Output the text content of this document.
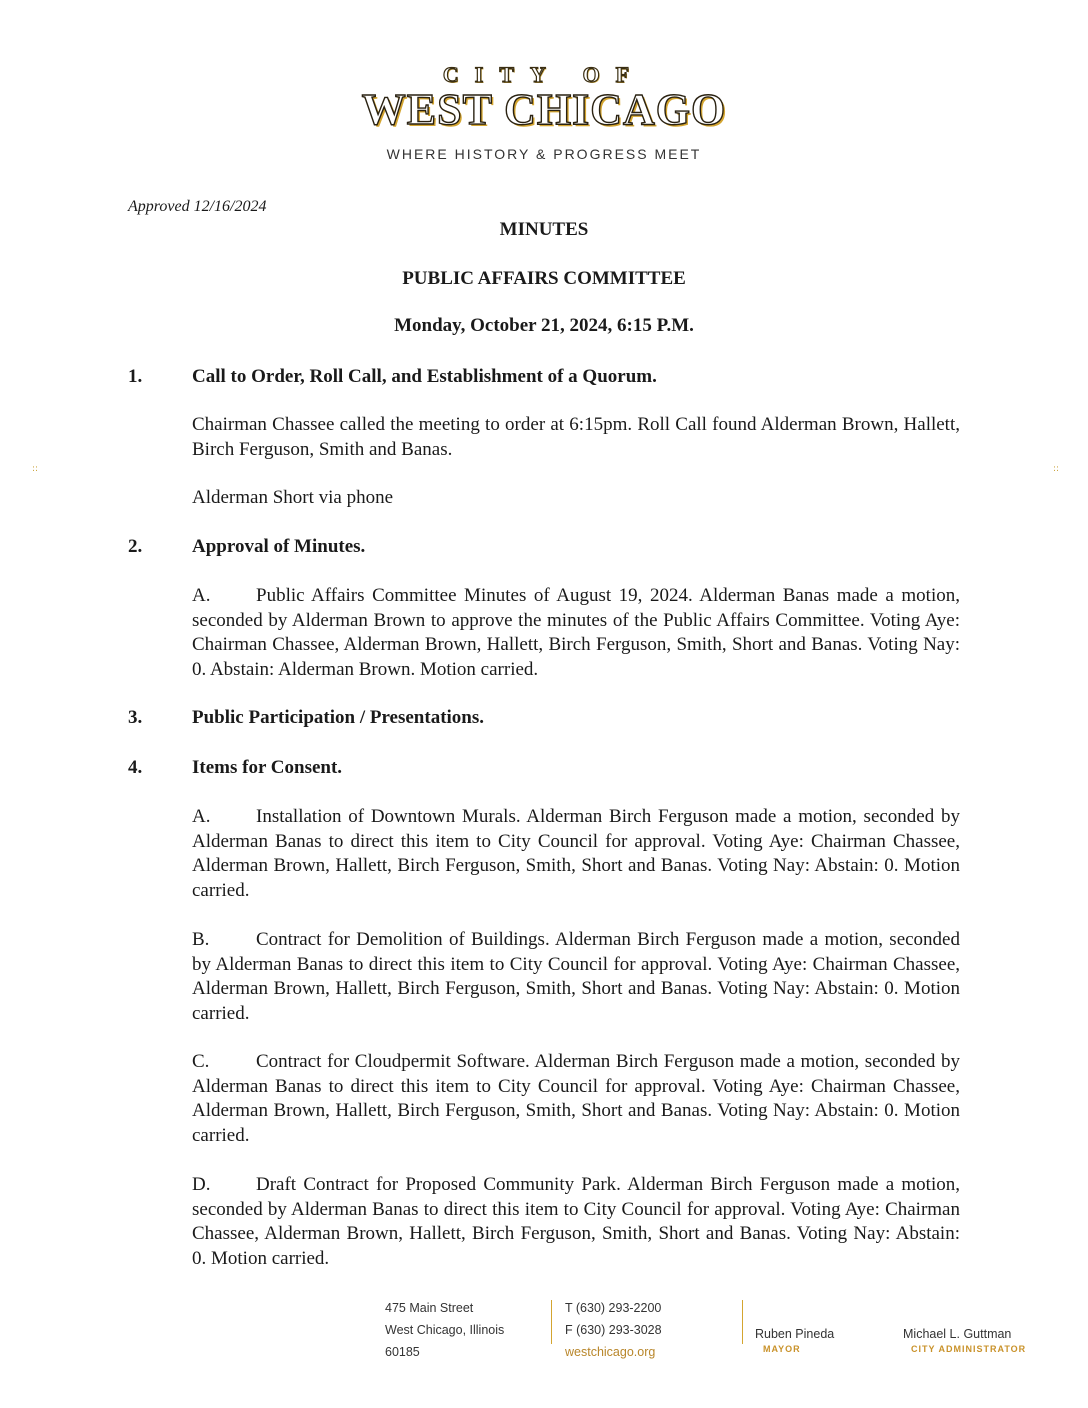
CITY OF
WEST CHICAGO
WHERE HISTORY & PROGRESS MEET
Approved 12/16/2024
MINUTES
PUBLIC AFFAIRS COMMITTEE
Monday, October 21, 2024, 6:15 P.M.
::	::
1.	Call to Order, Roll Call, and Establishment of a Quorum.
Chairman Chassee called the meeting to order at 6:15pm. Roll Call found Alderman Brown, Hallett, Birch Ferguson, Smith and Banas.
Alderman Short via phone
2.	Approval of Minutes.
A. Public Affairs Committee Minutes of August 19, 2024. Alderman Banas made a motion, seconded by Alderman Brown to approve the minutes of the Public Affairs Committee. Voting Aye: Chairman Chassee, Alderman Brown, Hallett, Birch Ferguson, Smith, Short and Banas. Voting Nay: 0. Abstain: Alderman Brown. Motion carried.
3.	Public Participation / Presentations.
4.	Items for Consent.
A. Installation of Downtown Murals. Alderman Birch Ferguson made a motion, seconded by Alderman Banas to direct this item to City Council for approval. Voting Aye: Chairman Chassee, Alderman Brown, Hallett, Birch Ferguson, Smith, Short and Banas. Voting Nay: Abstain: 0. Motion carried.
B. Contract for Demolition of Buildings. Alderman Birch Ferguson made a motion, seconded by Alderman Banas to direct this item to City Council for approval. Voting Aye: Chairman Chassee, Alderman Brown, Hallett, Birch Ferguson, Smith, Short and Banas. Voting Nay: Abstain: 0. Motion carried.
C. Contract for Cloudpermit Software. Alderman Birch Ferguson made a motion, seconded by Alderman Banas to direct this item to City Council for approval. Voting Aye: Chairman Chassee, Alderman Brown, Hallett, Birch Ferguson, Smith, Short and Banas. Voting Nay: Abstain: 0. Motion carried.
D. Draft Contract for Proposed Community Park. Alderman Birch Ferguson made a motion, seconded by Alderman Banas to direct this item to City Council for approval. Voting Aye: Chairman Chassee, Alderman Brown, Hallett, Birch Ferguson, Smith, Short and Banas. Voting Nay: Abstain: 0. Motion carried.
475 Main Street
West Chicago, Illinois
60185
T (630) 293-2200
F (630) 293-3028
westchicago.org
Ruben Pineda
MAYOR
Michael L. Guttman
CITY ADMINISTRATOR
